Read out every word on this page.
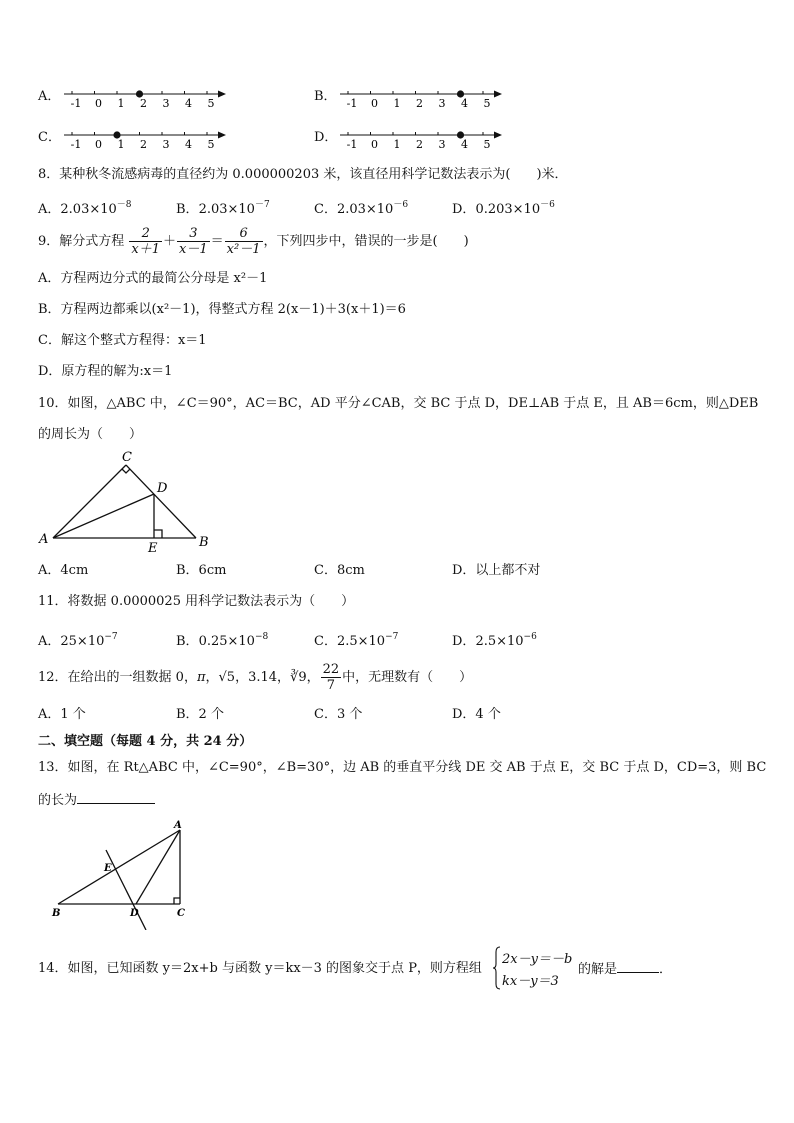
A． -1 0 1 2 3 4 5	B． -1 0 1 2 3 4 5
C． -1 0 1 2 3 4 5	D． -1 0 1 2 3 4 5
8．某种秋冬流感病毒的直径约为 0.000000203 米，该直径用科学记数法表示为(　　)米．
A．$2.03\times 10^{-8}$	B．$2.03\times 10^{-7}$	C．$2.03\times 10^{-6}$	D．$0.203\times 10^{-6}$
9．解分式方程 $\frac{2}{x+1} + \frac{3}{x-1} = \frac{6}{\text{x²－1}}$ ，下列四步中，错误的一步是(　　)
A．方程两边分式的最简公分母是 x²－1
B．方程两边都乘以(x²－1)，得整式方程 2(x－1)＋3(x＋1)＝6
C．解这个整式方程得：x＝1
D．原方程的解为:x＝1
10．如图，△ABC 中，∠C＝90°，AC＝BC，AD 平分∠CAB，交 BC 于点 D，DE⊥AB 于点 E，且 AB＝6cm，则△DEB
的周长为（　　）
A	B
C
D
E
A．4cm	B．6cm	C．8cm	D．以上都不对
11．将数据 0.0000025 用科学记数法表示为（　　）
A．$25\times 10^{-7}$	B．$0.25\times 10^{-8}$	C．$2.5\times 10^{-7}$	D．$2.5\times 10^{-6}$
12．在给出的一组数据 0，π，√5，3.14，∛9， $\frac{22}{7}$ 中，无理数有（　　）
A．1 个	B．2 个	C．3 个	D．4 个
二、填空题（每题 4 分，共 24 分）
13．如图，在 Rt△ABC 中，∠C=90°，∠B=30°，边 AB 的垂直平分线 DE 交 AB 于点 E，交 BC 于点 D，CD=3，则 BC
的长为
A
B	C
D
E
14．如图，已知函数 y＝2x+b 与函数 y＝kx－3 的图象交于点 P，则方程组
2x－y＝－b
kx－y＝3
的解是	．
